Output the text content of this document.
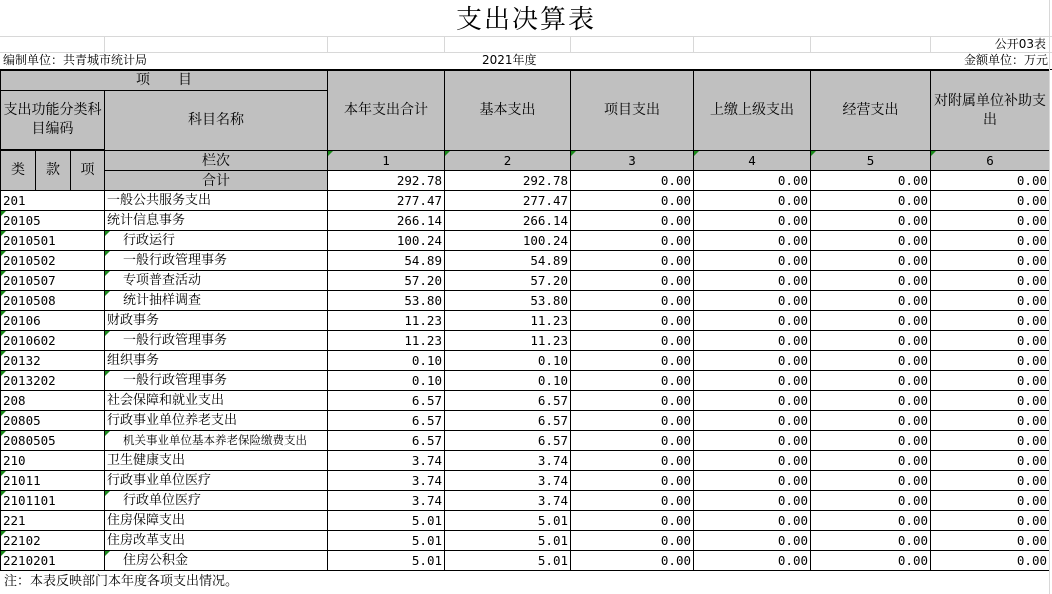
支出决算表
公开03表
编制单位：共青城市统计局	2021年度	金额单位：万元
项　　目				本年支出合计	基本支出	项目支出	上缴上级支出	经营支出	对附属单位补助支出
支出功能分类科目编码			科目名称						

类	款	项	栏次	1	2	3	4	5	6
			合计	292.78	292.78	0.00	0.00	0.00	0.00
201			一般公共服务支出	277.47	277.47	0.00	0.00	0.00	0.00
20105			统计信息事务	266.14	266.14	0.00	0.00	0.00	0.00
2010501			行政运行	100.24	100.24	0.00	0.00	0.00	0.00
2010502			一般行政管理事务	54.89	54.89	0.00	0.00	0.00	0.00
2010507			专项普查活动	57.20	57.20	0.00	0.00	0.00	0.00
2010508			统计抽样调查	53.80	53.80	0.00	0.00	0.00	0.00
20106			财政事务	11.23	11.23	0.00	0.00	0.00	0.00
2010602			一般行政管理事务	11.23	11.23	0.00	0.00	0.00	0.00
20132			组织事务	0.10	0.10	0.00	0.00	0.00	0.00
2013202			一般行政管理事务	0.10	0.10	0.00	0.00	0.00	0.00
208			社会保障和就业支出	6.57	6.57	0.00	0.00	0.00	0.00
20805			行政事业单位养老支出	6.57	6.57	0.00	0.00	0.00	0.00
2080505			机关事业单位基本养老保险缴费支出	6.57	6.57	0.00	0.00	0.00	0.00
210			卫生健康支出	3.74	3.74	0.00	0.00	0.00	0.00
21011			行政事业单位医疗	3.74	3.74	0.00	0.00	0.00	0.00
2101101			行政单位医疗	3.74	3.74	0.00	0.00	0.00	0.00
221			住房保障支出	5.01	5.01	0.00	0.00	0.00	0.00
22102			住房改革支出	5.01	5.01	0.00	0.00	0.00	0.00
2210201			住房公积金	5.01	5.01	0.00	0.00	0.00	0.00
注：本表反映部门本年度各项支出情况。
